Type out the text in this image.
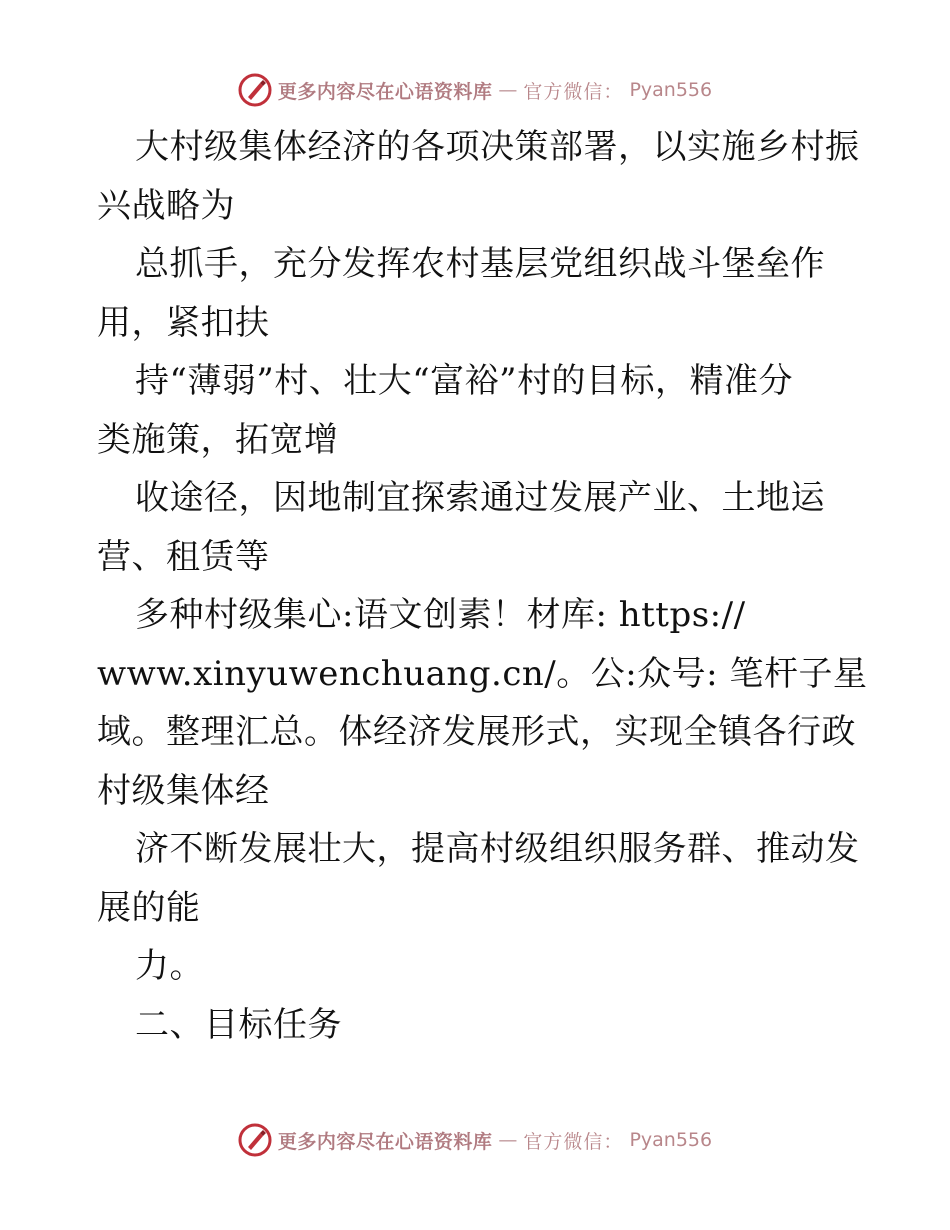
更多内容尽在心语资料库 — 官方微信： Pyan556
大村级集体经济的各项决策部署，以实施乡村振
兴战略为
总抓手，充分发挥农村基层党组织战斗堡垒作
用，紧扣扶
持“薄弱”村、壮大“富裕”村的目标，精准分
类施策，拓宽增
收途径，因地制宜探索通过发展产业、土地运
营、租赁等
多种村级集心:语文创素！材库: https://
www.xinyuwenchuang.cn/。公:众号: 笔杆子星
域。整理汇总。体经济发展形式，实现全镇各行政
村级集体经
济不断发展壮大，提高村级组织服务群、推动发
展的能
力。
二、目标任务
更多内容尽在心语资料库 — 官方微信： Pyan556
